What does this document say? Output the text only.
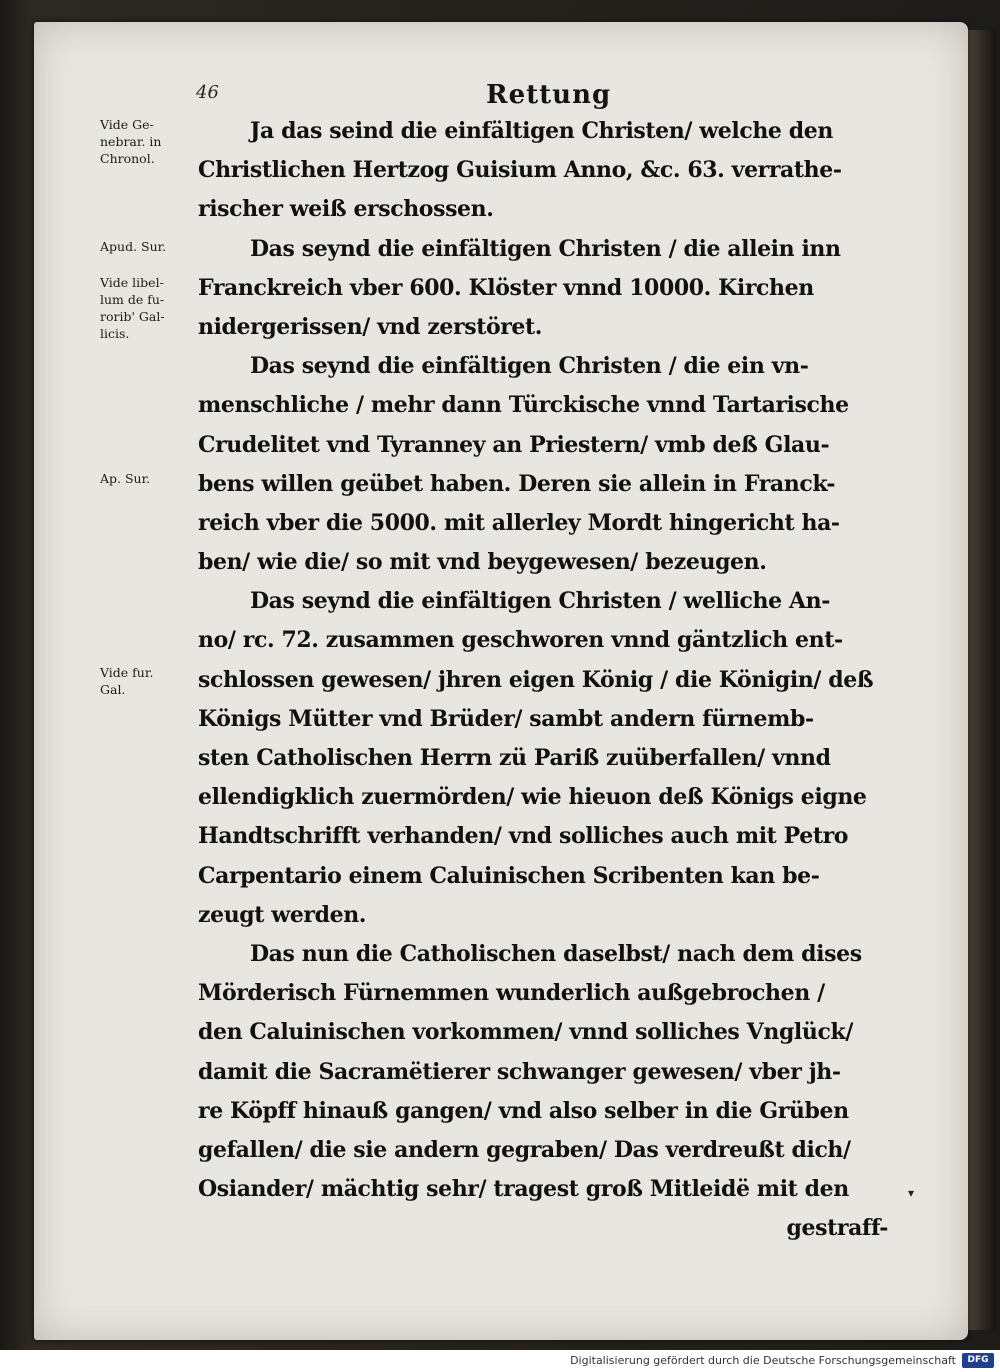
46	Rettung
Vide Ge-
nebrar. in
Chronol.
Apud. Sur.
Vide libel-
lum de fu-
rorib' Gal-
licis.
Ap. Sur.
Vide fur.
Gal.
Ja das seind die einfältigen Christen/ welche den
Christlichen Hertzog Guisium Anno, &c. 63. verrathe-
rischer weiß erschossen.
Das seynd die einfältigen Christen / die allein inn
Franckreich vber 600. Klöster vnnd 10000. Kirchen
nidergerissen/ vnd zerstöret.
Das seynd die einfältigen Christen / die ein vn-
menschliche / mehr dann Türckische vnnd Tartarische
Crudelitet vnd Tyranney an Priestern/ vmb deß Glau-
bens willen geübet haben. Deren sie allein in Franck-
reich vber die 5000. mit allerley Mordt hingericht ha-
ben/ wie die/ so mit vnd beygewesen/ bezeugen.
Das seynd die einfältigen Christen / welliche An-
no/ rc. 72. zusammen geschworen vnnd gäntzlich ent-
schlossen gewesen/ jhren eigen König / die Königin/ deß
Königs Mütter vnd Brüder/ sambt andern fürnemb-
sten Catholischen Herrn zü Pariß zuüberfallen/ vnnd
ellendigklich zuermörden/ wie hieuon deß Königs eigne
Handtschrifft verhanden/ vnd solliches auch mit Petro
Carpentario einem Caluinischen Scribenten kan be-
zeugt werden.
Das nun die Catholischen daselbst/ nach dem dises
Mörderisch Fürnemmen wunderlich außgebrochen /
den Caluinischen vorkommen/ vnnd solliches Vnglück/
damit die Sacramëtierer schwanger gewesen/ vber jh-
re Köpff hinauß gangen/ vnd also selber in die Grüben
gefallen/ die sie andern gegraben/ Das verdreußt dich/
Osiander/ mächtig sehr/ tragest groß Mitleidë mit den
gestraff-
▾
Digitalisierung gefördert durch die Deutsche Forschungsgemeinschaft	DFG
